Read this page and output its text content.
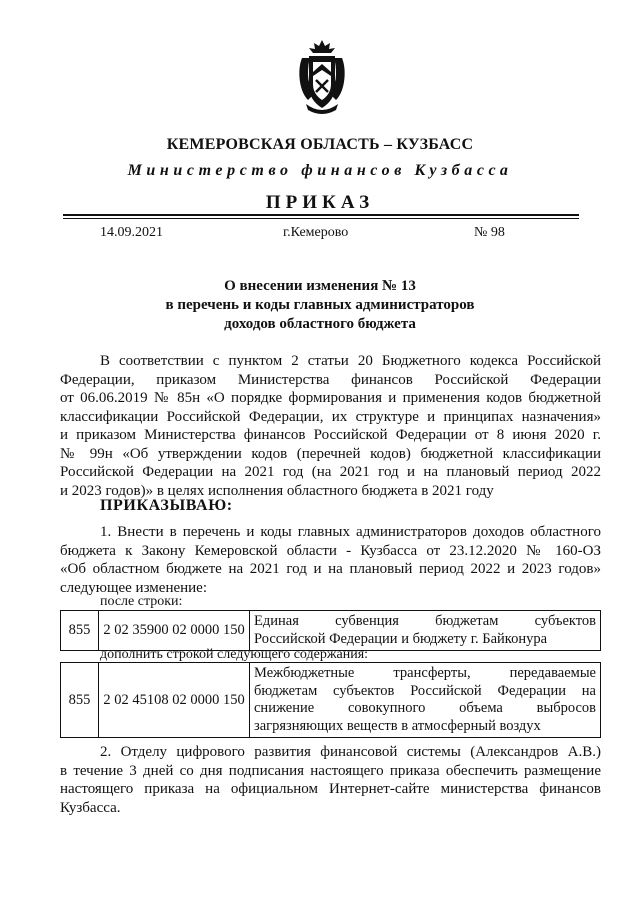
КЕМЕРОВСКАЯ ОБЛАСТЬ – КУЗБАСС
Министерство финансов Кузбасса
ПРИКАЗ
14.09.2021	г.Кемерово	№ 98
О внесении изменения № 13
в перечень и коды главных администраторов
доходов областного бюджета
В соответствии с пунктом 2 статьи 20 Бюджетного кодекса Российской
Федерации, приказом Министерства финансов Российской Федерации
от 06.06.2019 № 85н «О порядке формирования и применения кодов бюджетной
классификации Российской Федерации, их структуре и принципах назначения»
и приказом Министерства финансов Российской Федерации от 8 июня 2020 г.
№ 99н «Об утверждении кодов (перечней кодов) бюджетной классификации
Российской Федерации на 2021 год (на 2021 год и на плановый период 2022
и 2023 годов)» в целях исполнения областного бюджета в 2021 году
ПРИКАЗЫВАЮ:
1. Внести в перечень и коды главных администраторов доходов областного
бюджета к Закону Кемеровской области - Кузбасса от 23.12.2020 № 160-ОЗ
«Об областном бюджете на 2021 год и на плановый период 2022 и 2023 годов»
следующее изменение:
после строки:
855	2 02 35900 02 0000 150	
Единая субвенция бюджетам субъектов
Российской Федерации и бюджету г. Байконура
дополнить строкой следующего содержания:
855	2 02 45108 02 0000 150	
Межбюджетные трансферты, передаваемые
бюджетам субъектов Российской Федерации на
снижение совокупного объема выбросов
загрязняющих веществ в атмосферный воздух
2. Отделу цифрового развития финансовой системы (Александров А.В.)
в течение 3 дней со дня подписания настоящего приказа обеспечить размещение
настоящего приказа на официальном Интернет-сайте министерства финансов
Кузбасса.
